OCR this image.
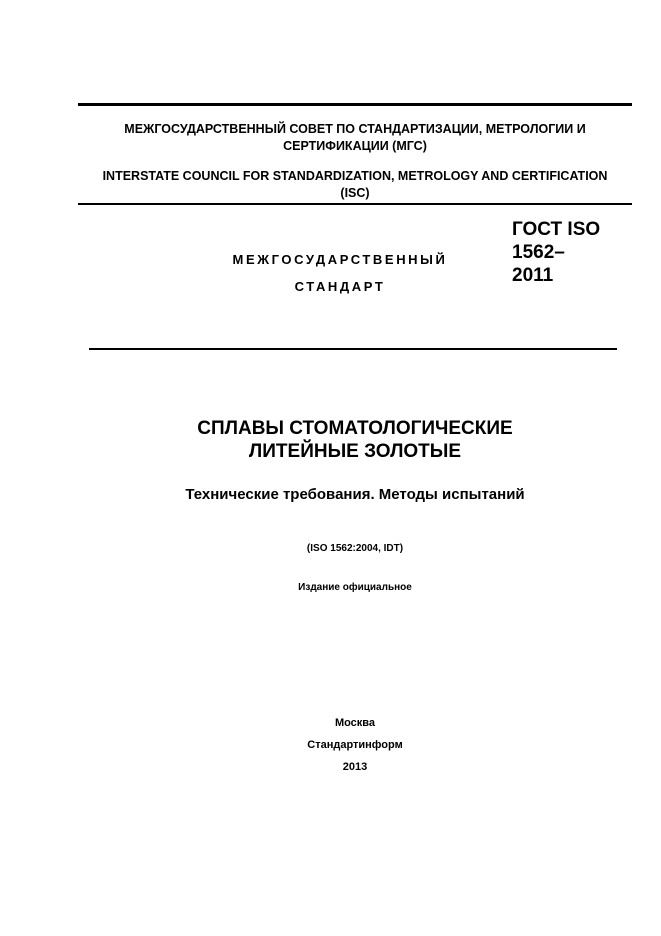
МЕЖГОСУДАРСТВЕННЫЙ СОВЕТ ПО СТАНДАРТИЗАЦИИ, МЕТРОЛОГИИ И
СЕРТИФИКАЦИИ (МГС)
INTERSTATE COUNCIL FOR STANDARDIZATION, METROLOGY AND CERTIFICATION
(ISC)
МЕЖГОСУДАРСТВЕННЫЙ
СТАНДАРТ
ГОСТ ISO
1562–
2011
СПЛАВЫ СТОМАТОЛОГИЧЕСКИЕ
ЛИТЕЙНЫЕ ЗОЛОТЫЕ
Технические требования. Методы испытаний
(ISO 1562:2004, IDT)
Издание официальное
Москва
Стандартинформ
2013
